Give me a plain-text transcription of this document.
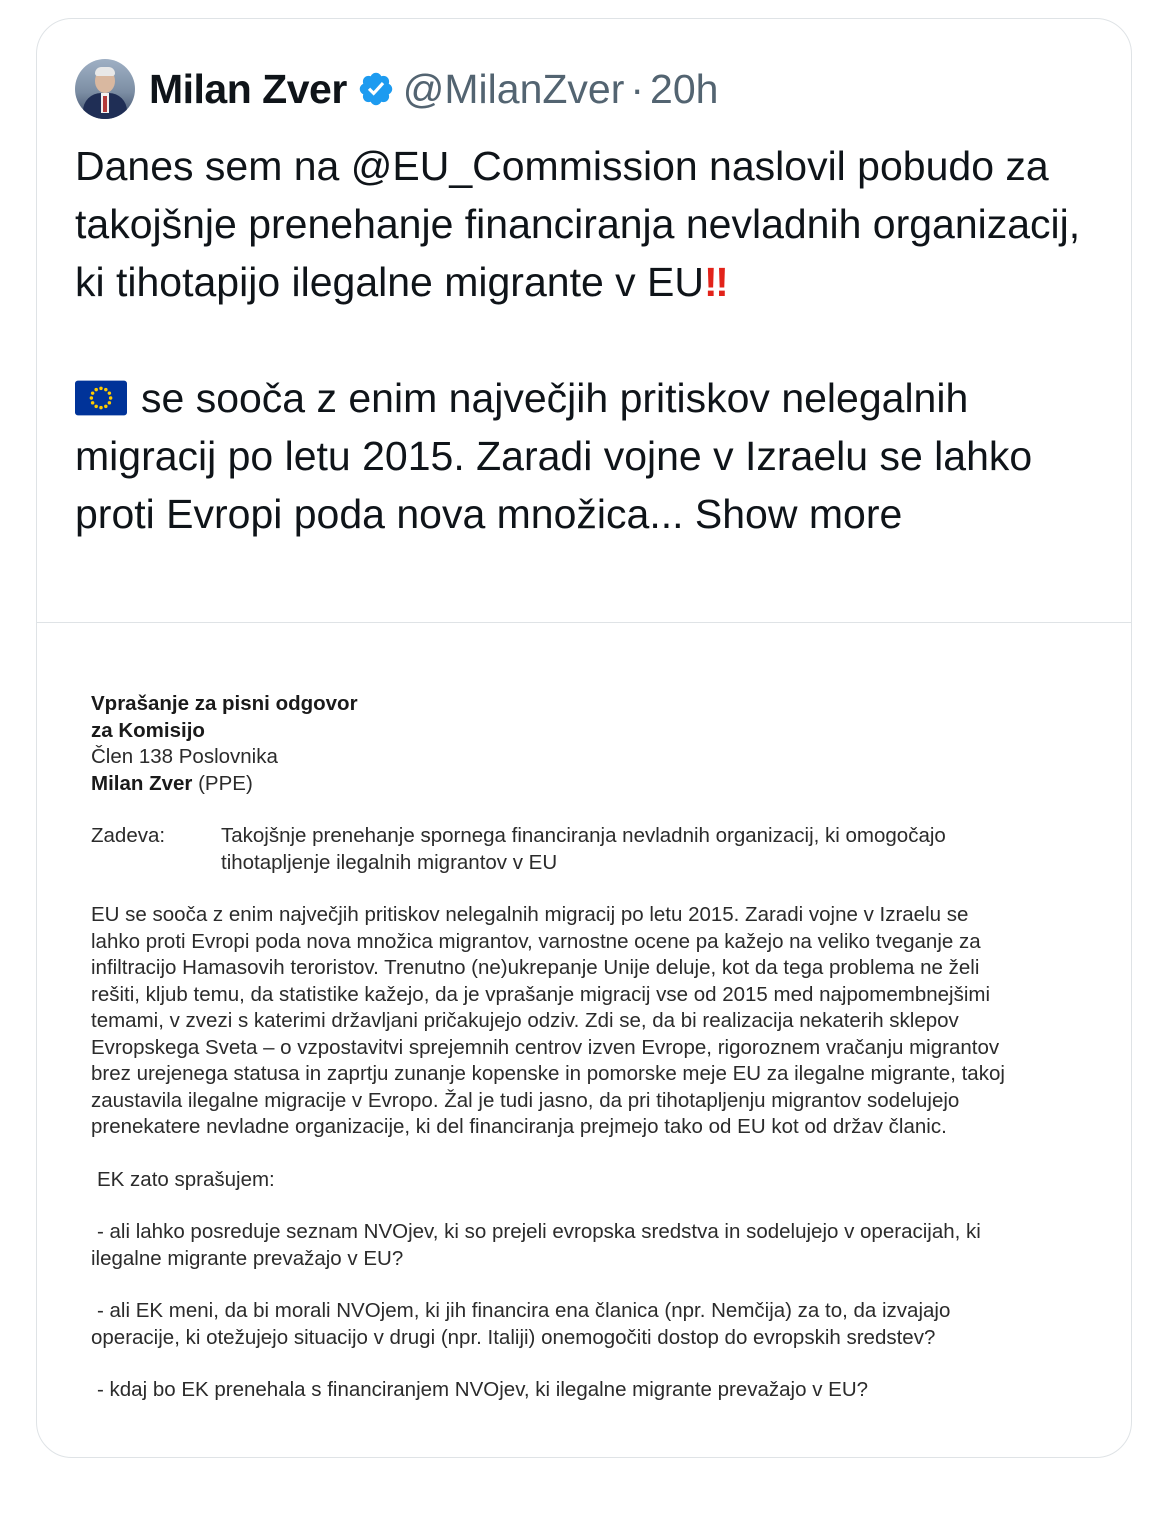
Milan Zver @MilanZver · 20h

Danes sem na @EU_Commission naslovil pobudo za takojšnje prenehanje financiranja nevladnih organizacij, ki tihotapijo ilegalne migrante v EU‼

se sooča z enim največjih pritiskov nelegalnih migracij po letu 2015. Zaradi vojne v Izraelu se lahko proti Evropi poda nova množica... Show more

Vprašanje za pisni odgovor

za Komisijo

Člen 138 Poslovnika

Milan Zver (PPE)

Zadeva:	Takojšnje prenehanje spornega financiranja nevladnih organizacij, ki omogočajo
tihotapljenje ilegalnih migrantov v EU

EU se sooča z enim največjih pritiskov nelegalnih migracij po letu 2015. Zaradi vojne v Izraelu se

lahko proti Evropi poda nova množica migrantov, varnostne ocene pa kažejo na veliko tveganje za

infiltracijo Hamasovih teroristov. Trenutno (ne)ukrepanje Unije deluje, kot da tega problema ne želi

rešiti, kljub temu, da statistike kažejo, da je vprašanje migracij vse od 2015 med najpomembnejšimi

temami, v zvezi s katerimi državljani pričakujejo odziv. Zdi se, da bi realizacija nekaterih sklepov

Evropskega Sveta – o vzpostavitvi sprejemnih centrov izven Evrope, rigoroznem vračanju migrantov

brez urejenega statusa in zaprtju zunanje kopenske in pomorske meje EU za ilegalne migrante, takoj

zaustavila ilegalne migracije v Evropo. Žal je tudi jasno, da pri tihotapljenju migrantov sodelujejo

prenekatere nevladne organizacije, ki del financiranja prejmejo tako od EU kot od držav članic.

EK zato sprašujem:

- ali lahko posreduje seznam NVOjev, ki so prejeli evropska sredstva in sodelujejo v operacijah, ki

ilegalne migrante prevažajo v EU?

- ali EK meni, da bi morali NVOjem, ki jih financira ena članica (npr. Nemčija) za to, da izvajajo

operacije, ki otežujejo situacijo v drugi (npr. Italiji) onemogočiti dostop do evropskih sredstev?

- kdaj bo EK prenehala s financiranjem NVOjev, ki ilegalne migrante prevažajo v EU?
